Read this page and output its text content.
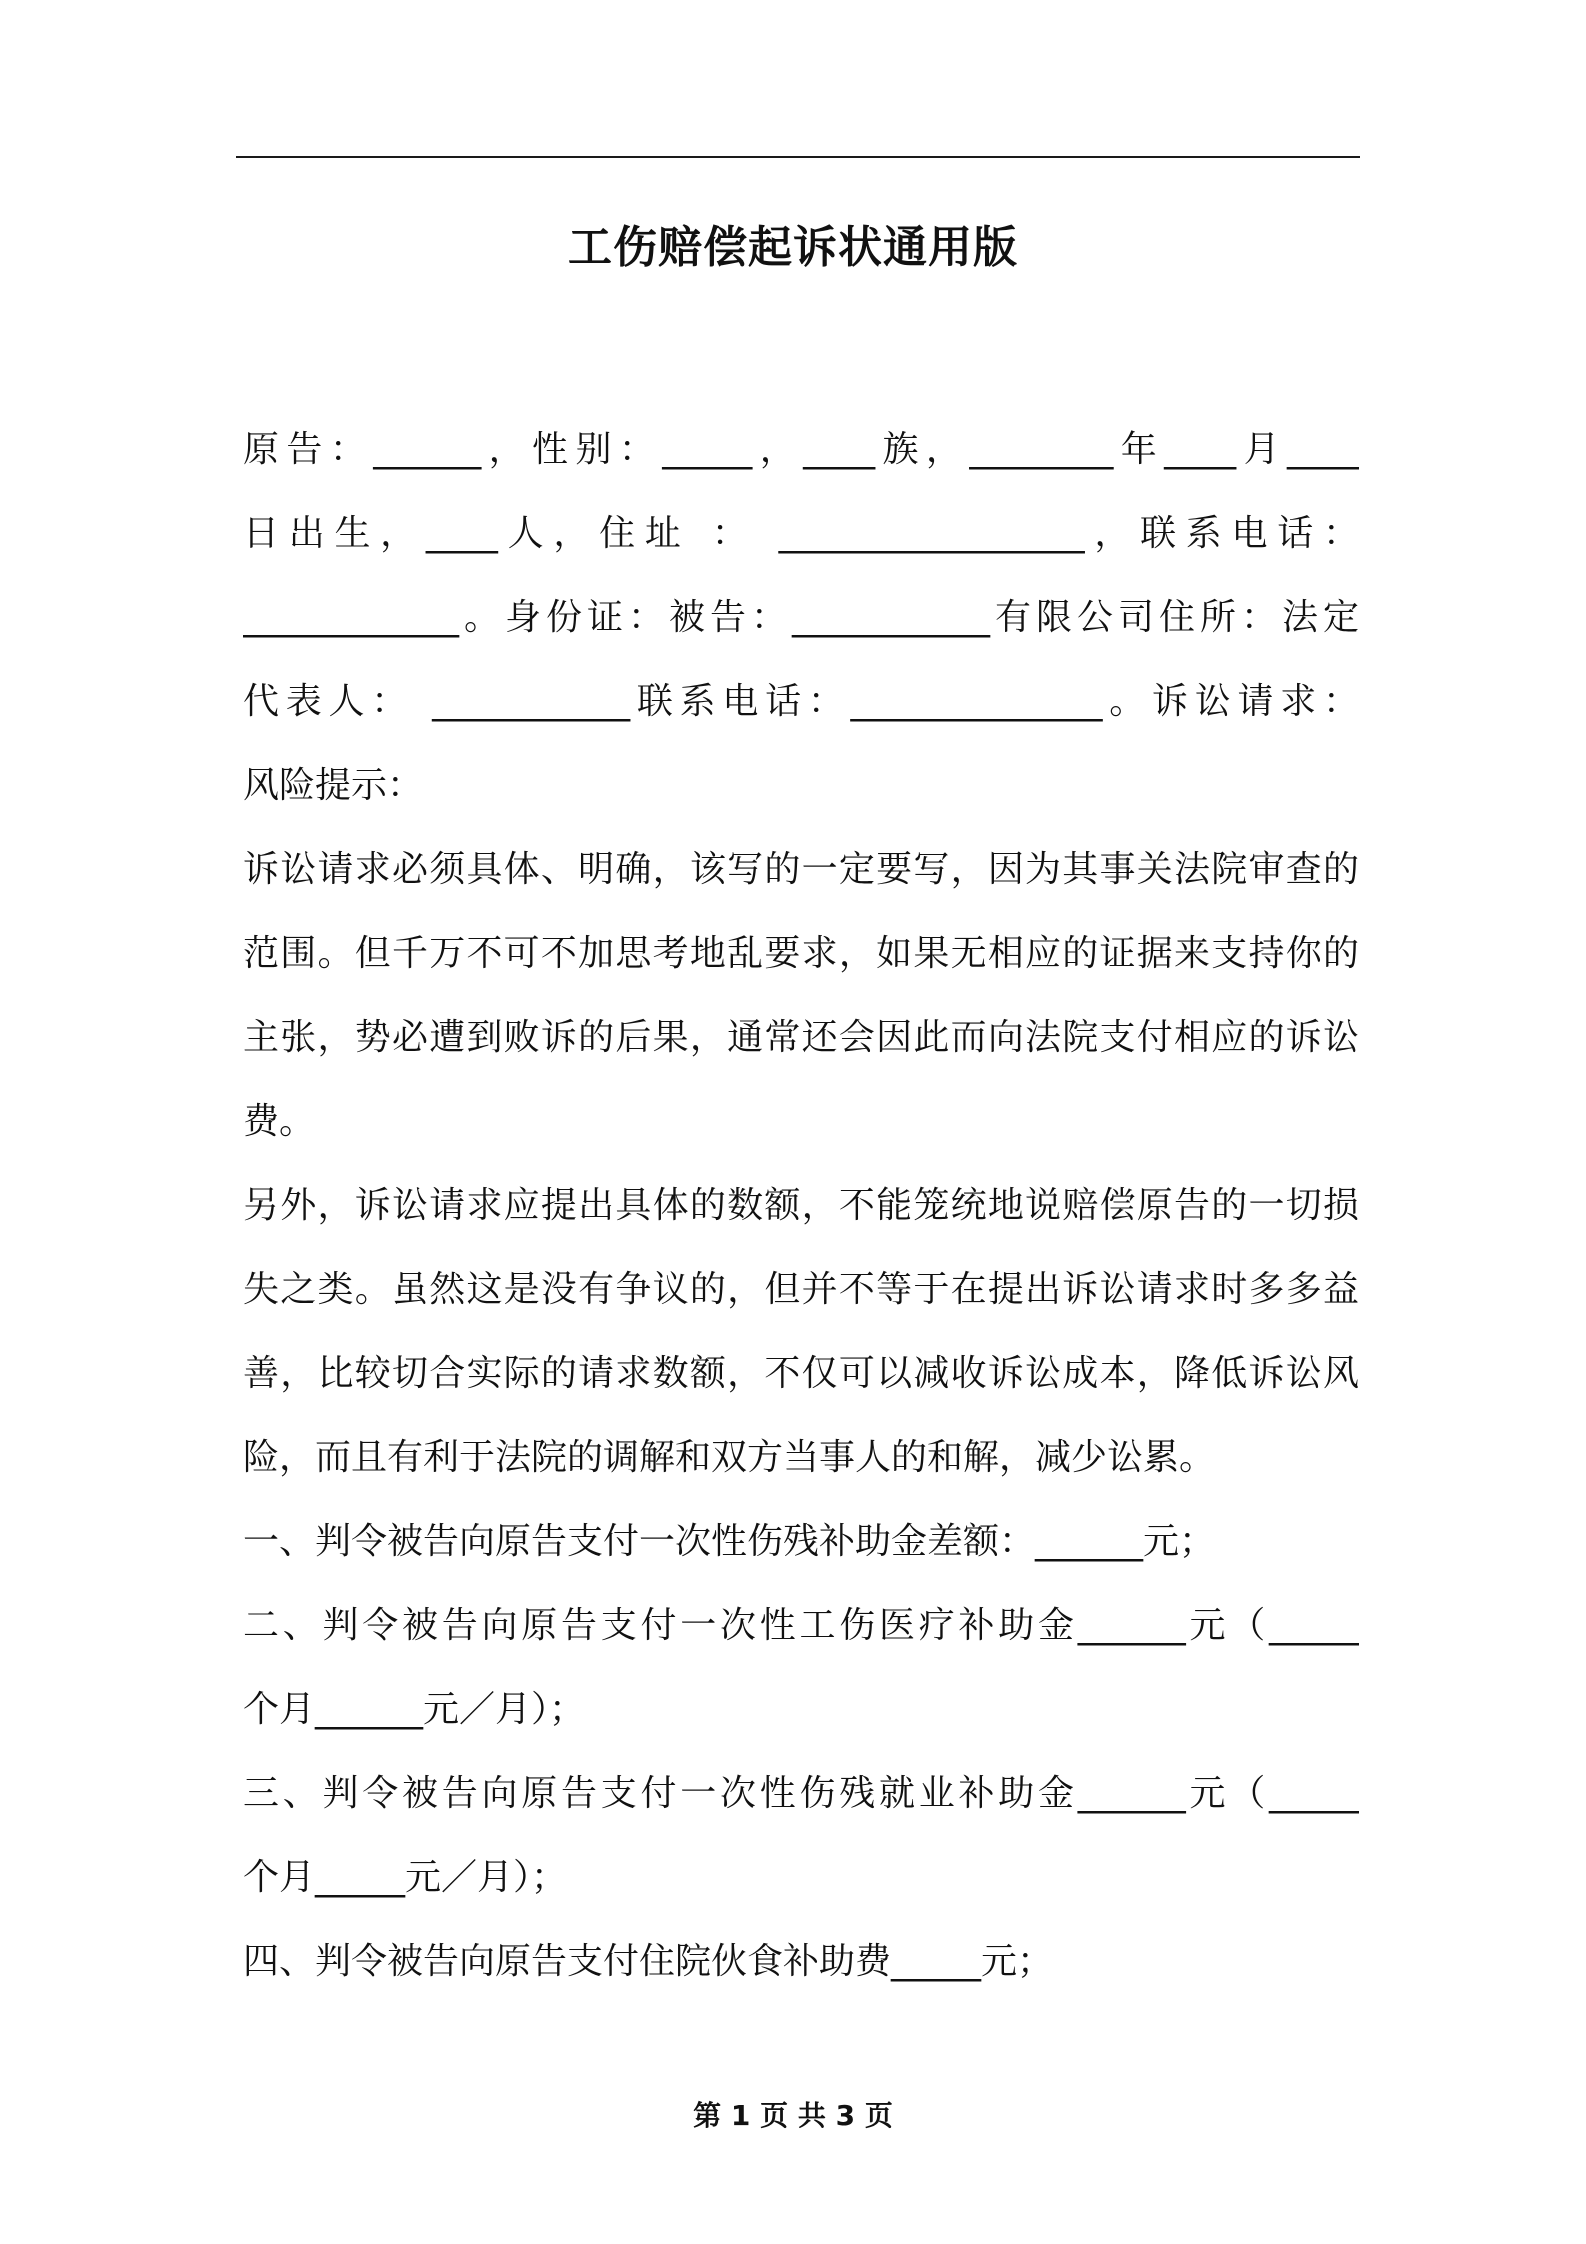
工伤赔偿起诉状通用版
原告：______，性别：_____，____族，________年____月____
日出生，____人，住址 ： _________________，联系电话：
____________。身份证：被告：___________有限公司住所：法定
代表人： ___________联系电话：______________。诉讼请求：
风险提示：
诉讼请求必须具体、明确，该写的一定要写，因为其事关法院审查的
范围。但千万不可不加思考地乱要求，如果无相应的证据来支持你的
主张，势必遭到败诉的后果，通常还会因此而向法院支付相应的诉讼
费。
另外，诉讼请求应提出具体的数额，不能笼统地说赔偿原告的一切损
失之类。虽然这是没有争议的，但并不等于在提出诉讼请求时多多益
善，比较切合实际的请求数额，不仅可以减收诉讼成本，降低诉讼风
险，而且有利于法院的调解和双方当事人的和解，减少讼累。
一、判令被告向原告支付一次性伤残补助金差额：______元；
二、判令被告向原告支付一次性工伤医疗补助金______元（_____
个月______元／月）；
三、判令被告向原告支付一次性伤残就业补助金______元（_____
个月_____元／月）；
四、判令被告向原告支付住院伙食补助费_____元；
第 1 页 共 3 页
